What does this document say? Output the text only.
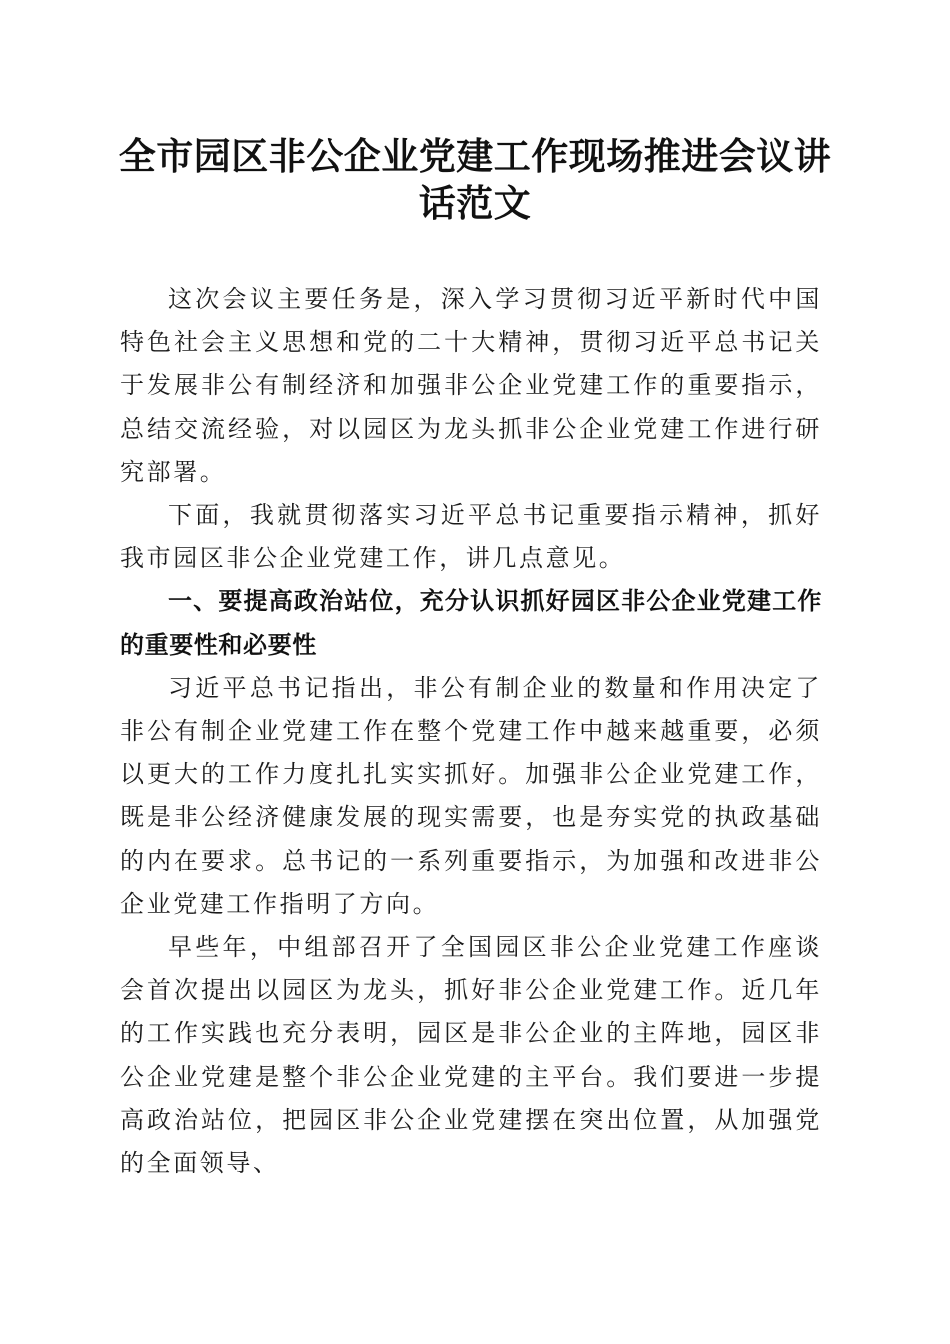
全市园区非公企业党建工作现场推进会议讲话范文

这次会议主要任务是，深入学习贯彻习近平新时代中国特色社会主义思想和党的二十大精神，贯彻习近平总书记关于发展非公有制经济和加强非公企业党建工作的重要指示，总结交流经验，对以园区为龙头抓非公企业党建工作进行研究部署。

下面，我就贯彻落实习近平总书记重要指示精神，抓好我市园区非公企业党建工作，讲几点意见。

一、要提高政治站位，充分认识抓好园区非公企业党建工作的重要性和必要性

习近平总书记指出，非公有制企业的数量和作用决定了非公有制企业党建工作在整个党建工作中越来越重要，必须以更大的工作力度扎扎实实抓好。加强非公企业党建工作，既是非公经济健康发展的现实需要，也是夯实党的执政基础的内在要求。总书记的一系列重要指示，为加强和改进非公企业党建工作指明了方向。

早些年，中组部召开了全国园区非公企业党建工作座谈会首次提出以园区为龙头，抓好非公企业党建工作。近几年的工作实践也充分表明，园区是非公企业的主阵地，园区非公企业党建是整个非公企业党建的主平台。我们要进一步提高政治站位，把园区非公企业党建摆在突出位置，从加强党的全面领导、
